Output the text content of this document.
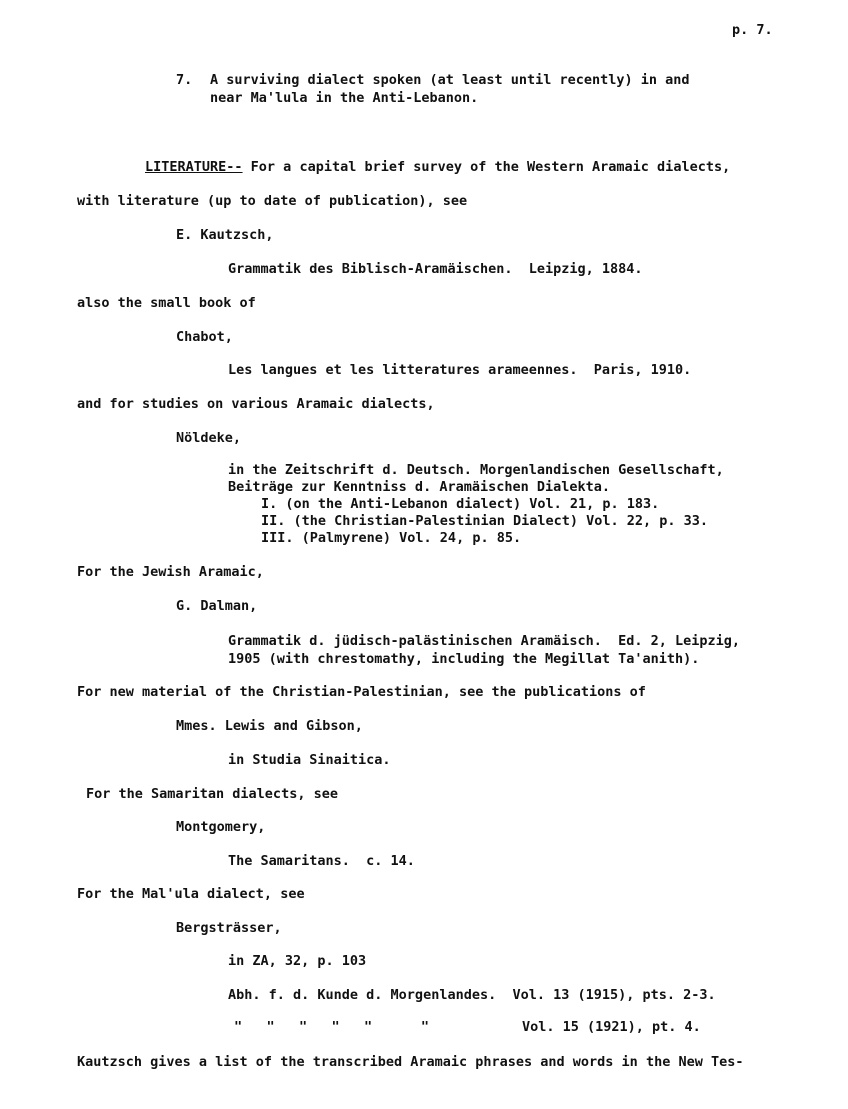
p. 7.
7. A surviving dialect spoken (at least until recently) in and
near Ma'lula in the Anti-Lebanon.
LITERATURE-- For a capital brief survey of the Western Aramaic dialects,
with literature (up to date of publication), see
E. Kautzsch,
Grammatik des Biblisch-Aramäischen.  Leipzig, 1884.
also the small book of
Chabot,
Les langues et les litteratures arameennes.  Paris, 1910.
and for studies on various Aramaic dialects,
Nöldeke,
in the Zeitschrift d. Deutsch. Morgenlandischen Gesellschaft,
Beiträge zur Kenntniss d. Aramäischen Dialekta.
I. (on the Anti-Lebanon dialect) Vol. 21, p. 183.
II. (the Christian-Palestinian Dialect) Vol. 22, p. 33.
III. (Palmyrene) Vol. 24, p. 85.
For the Jewish Aramaic,
G. Dalman,
Grammatik d. jüdisch-palästinischen Aramäisch.  Ed. 2, Leipzig,
1905 (with chrestomathy, including the Megillat Ta'anith).
For new material of the Christian-Palestinian, see the publications of
Mmes. Lewis and Gibson,
in Studia Sinaitica.
For the Samaritan dialects, see
Montgomery,
The Samaritans.  c. 14.
For the Mal'ula dialect, see
Bergsträsser,
in ZA, 32, p. 103
Abh. f. d. Kunde d. Morgenlandes.  Vol. 13 (1915), pts. 2-3.
"   "   "   "   "      "	Vol. 15 (1921), pt. 4.
Kautzsch gives a list of the transcribed Aramaic phrases and words in the New Tes-
